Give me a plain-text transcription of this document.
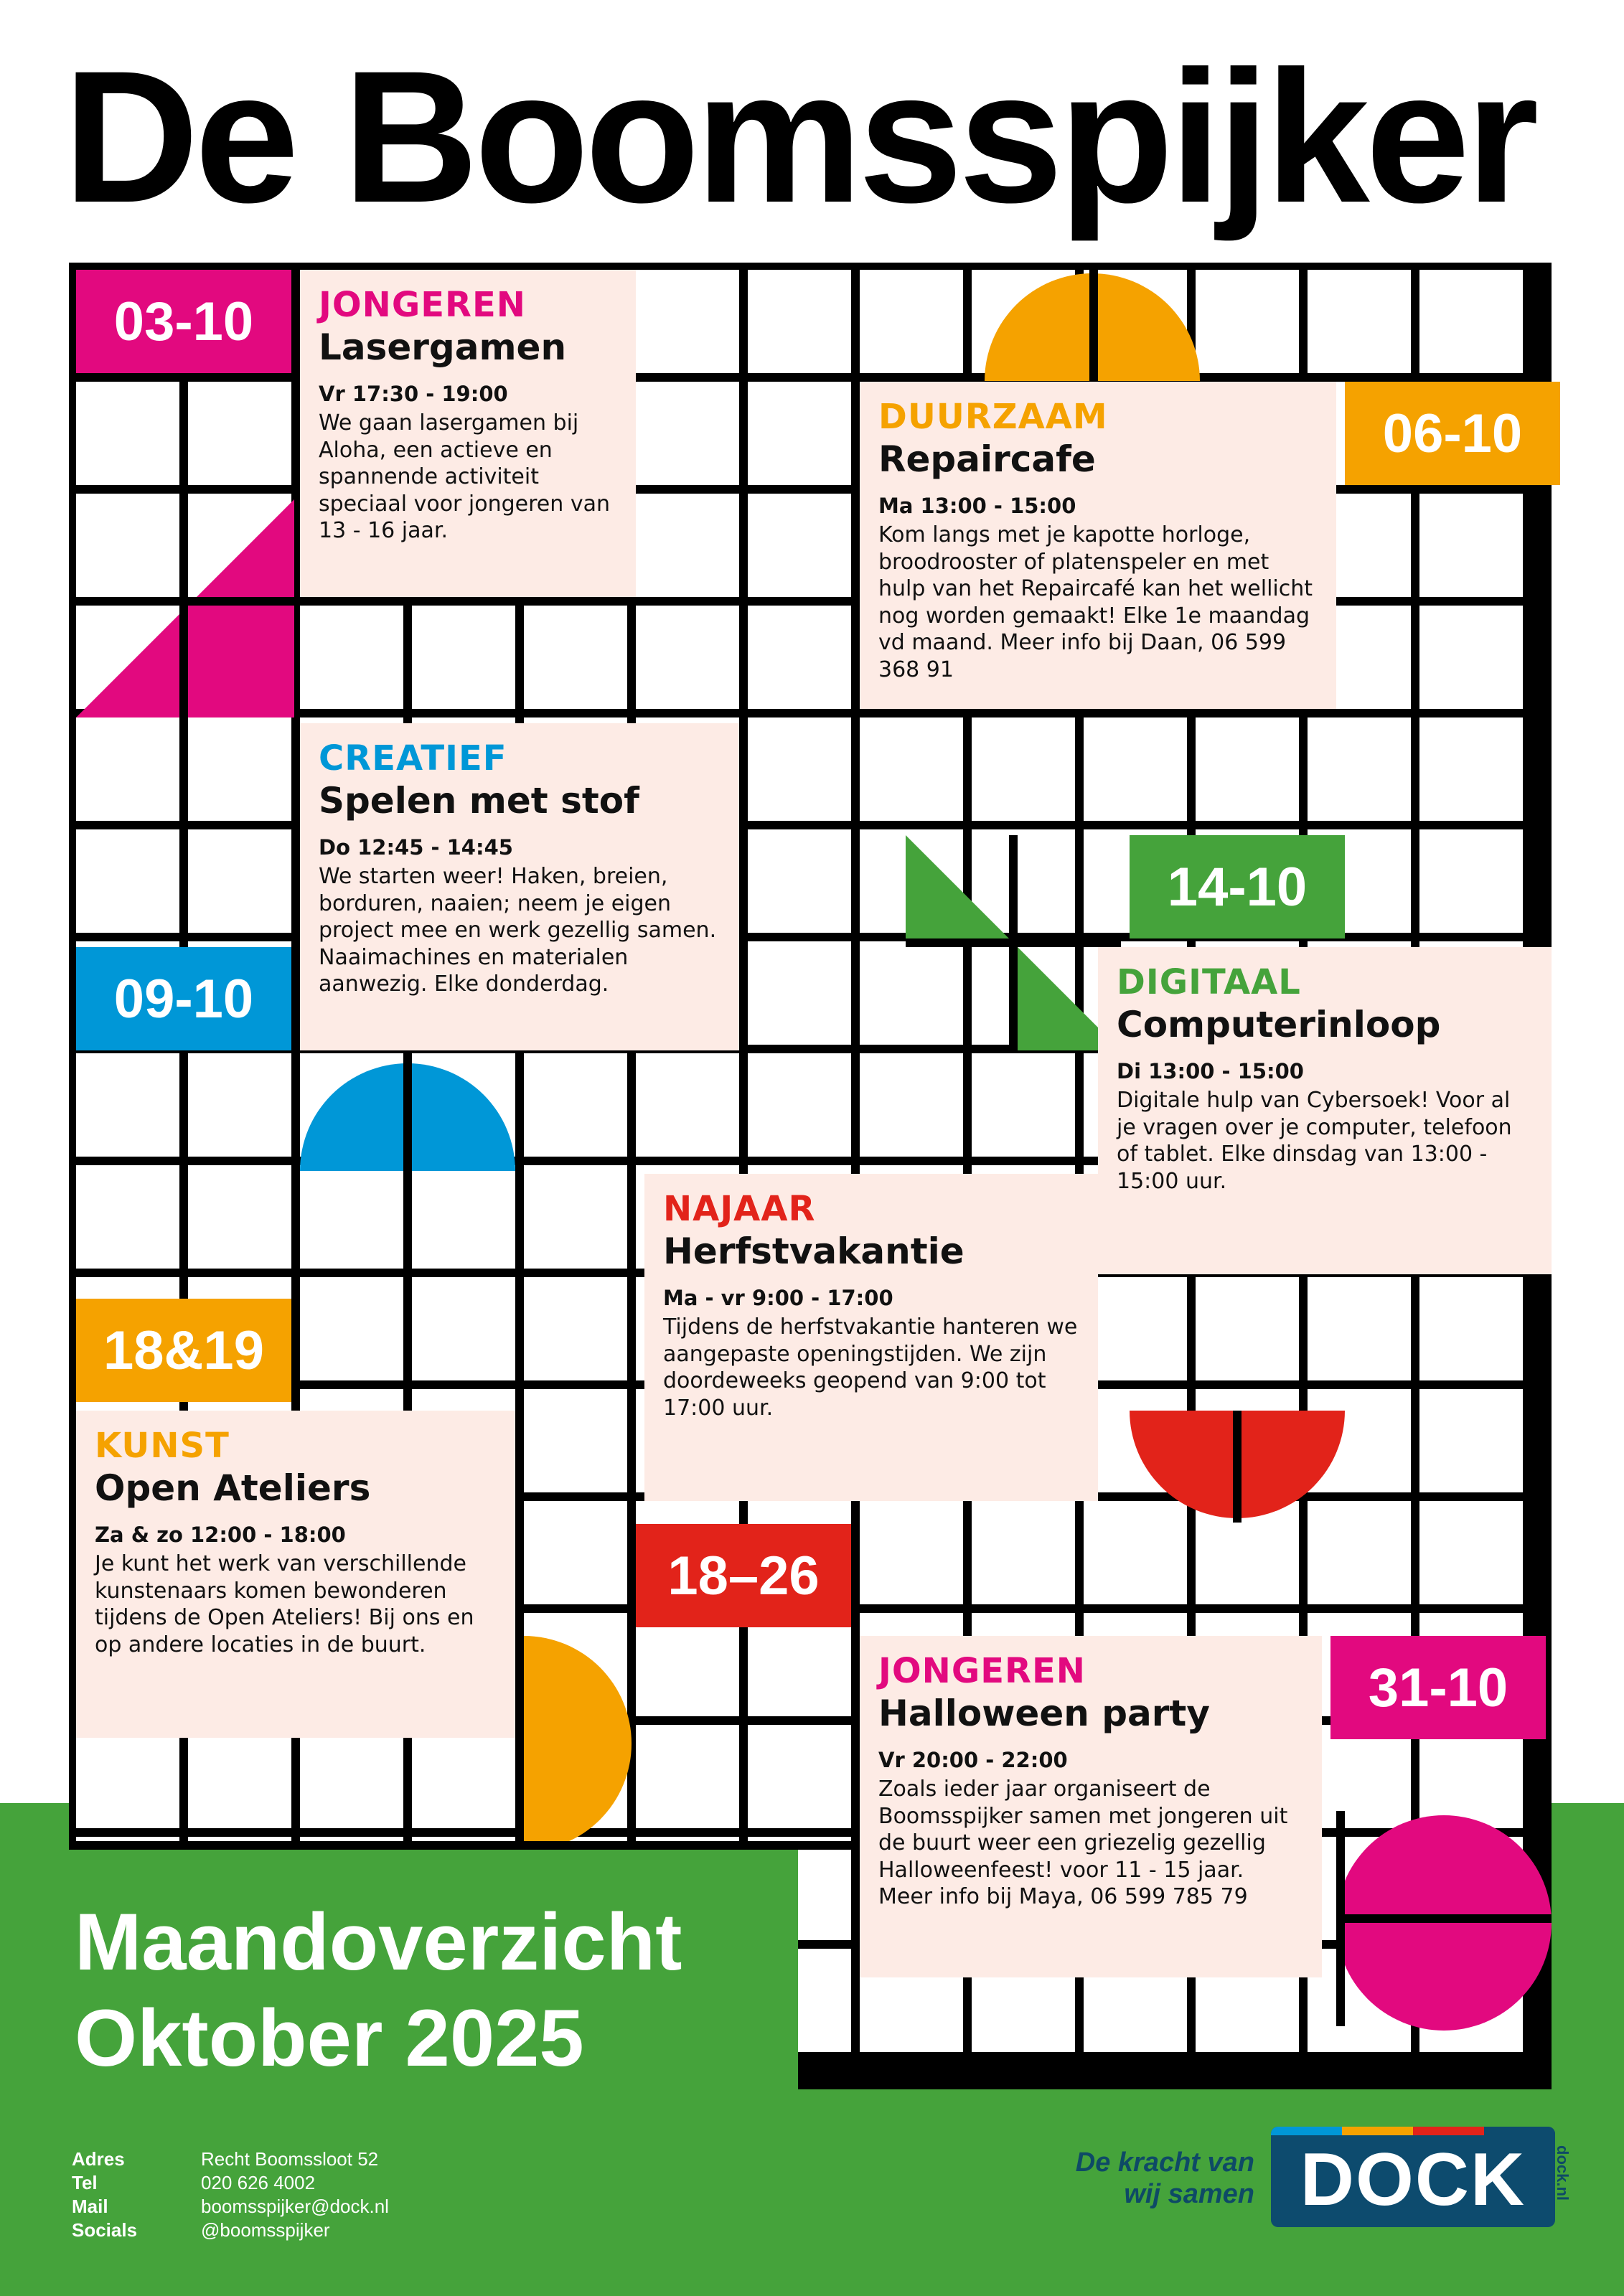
De Boomsspijker
03-10
06-10
09-10
14-10
18&19
18–26
31-10
JONGEREN
Lasergamen
Vr 17:30 - 19:00
We gaan lasergamen bij Aloha, een actieve en spannende activiteit speciaal voor jongeren van 13 - 16 jaar.
DUURZAAM
Repaircafe
Ma 13:00 - 15:00
Kom langs met je kapotte horloge, broodrooster of platenspeler en met hulp van het Repaircafé kan het wellicht nog worden gemaakt! Elke 1e maandag vd maand. Meer info bij Daan, 06 599 368 91
CREATIEF
Spelen met stof
Do 12:45 - 14:45
We starten weer! Haken, breien, borduren, naaien; neem je eigen project mee en werk gezellig samen. Naaimachines en materialen aanwezig. Elke donderdag.	DIGITAAL
Computerinloop
Di 13:00 - 15:00
Digitale hulp van Cybersoek! Voor al je vragen over je computer, telefoon of tablet. Elke dinsdag van 13:00 - 15:00 uur.
NAJAAR
Herfstvakantie
Ma - vr 9:00 - 17:00
Tijdens de herfstvakantie hanteren we aangepaste openingstijden. We zijn doordeweeks geopend van 9:00 tot 17:00 uur.
KUNST
Open Ateliers
Za & zo 12:00 - 18:00
Je kunt het werk van verschillende kunstenaars komen bewonderen tijdens de Open Ateliers! Bij ons en op andere locaties in de buurt.
JONGEREN
Halloween party
Vr 20:00 - 22:00
Zoals ieder jaar organiseert de Boomsspijker samen met jongeren uit de buurt weer een griezelig gezellig Halloweenfeest! voor 11 - 15 jaar. Meer info bij Maya, 06 599 785 79
Maandoverzicht
Oktober 2025
Adres	Recht Boomssloot 52
Tel	020 626 4002
Mail	boomsspijker@dock.nl
Socials	@boomsspijker
De kracht van
wij samen DOCK	dock.nl
